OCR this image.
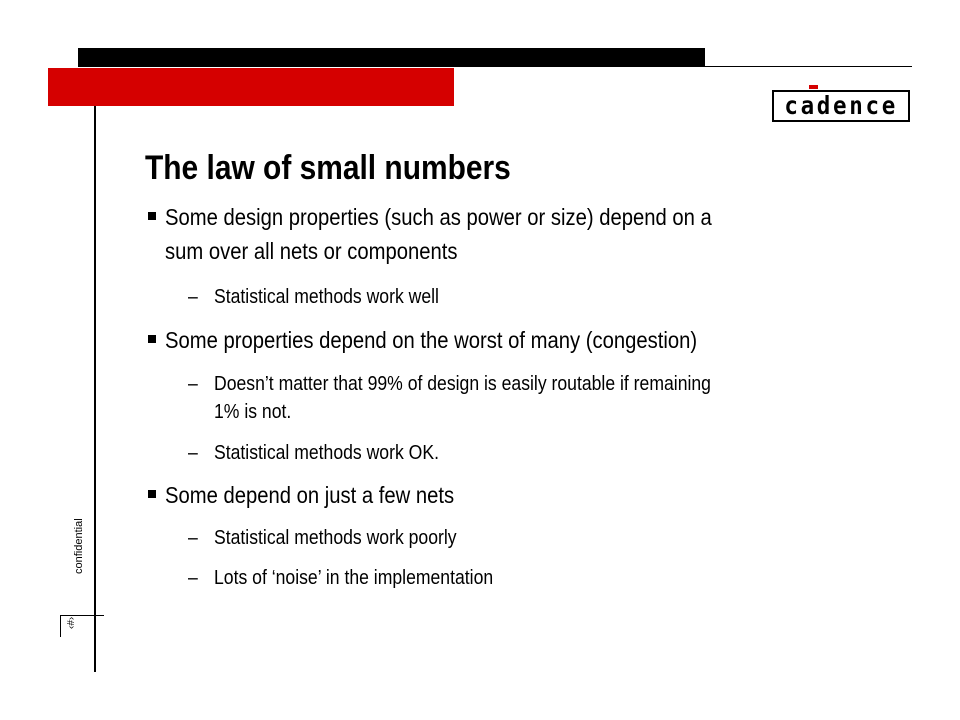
cadence
confidential
‹#›
The law of small numbers
Some design properties (such as power or size) depend on a
sum over all nets or components
– Statistical methods work well
Some properties depend on the worst of many (congestion)
– Doesn’t matter that 99% of design is easily routable if remaining
1% is not.
– Statistical methods work OK.
Some depend on just a few nets
– Statistical methods work poorly
– Lots of ‘noise’ in the implementation
